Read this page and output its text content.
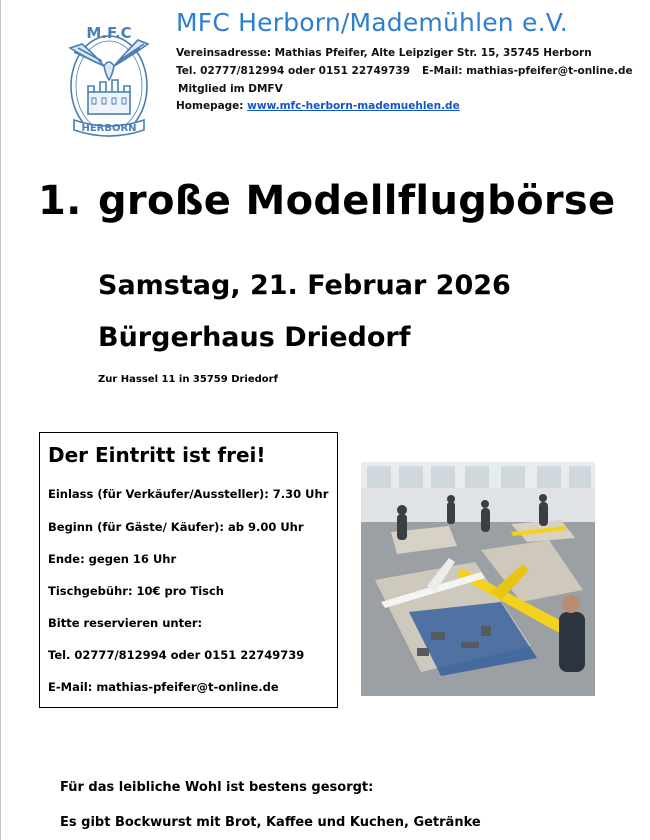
M.F.C
HERBORN
MFC Herborn/Mademühlen e.V.
Vereinsadresse: Mathias Pfeifer, Alte Leipziger Str. 15, 35745 Herborn
Tel. 02777/812994 oder 0151 22749739 E-Mail: mathias-pfeifer@t-online.de
Mitglied im DMFV
Homepage: www.mfc-herborn-mademuehlen.de
1. große Modellflugbörse
Samstag, 21. Februar 2026
Bürgerhaus Driedorf
Zur Hassel 11 in 35759 Driedorf
Der Eintritt ist frei!
Einlass (für Verkäufer/Aussteller): 7.30 Uhr
Beginn (für Gäste/ Käufer): ab 9.00 Uhr
Ende: gegen 16 Uhr
Tischgebühr: 10€ pro Tisch
Bitte reservieren unter:
Tel. 02777/812994 oder 0151 22749739
E-Mail: mathias-pfeifer@t-online.de
Für das leibliche Wohl ist bestens gesorgt:
Es gibt Bockwurst mit Brot, Kaffee und Kuchen, Getränke
